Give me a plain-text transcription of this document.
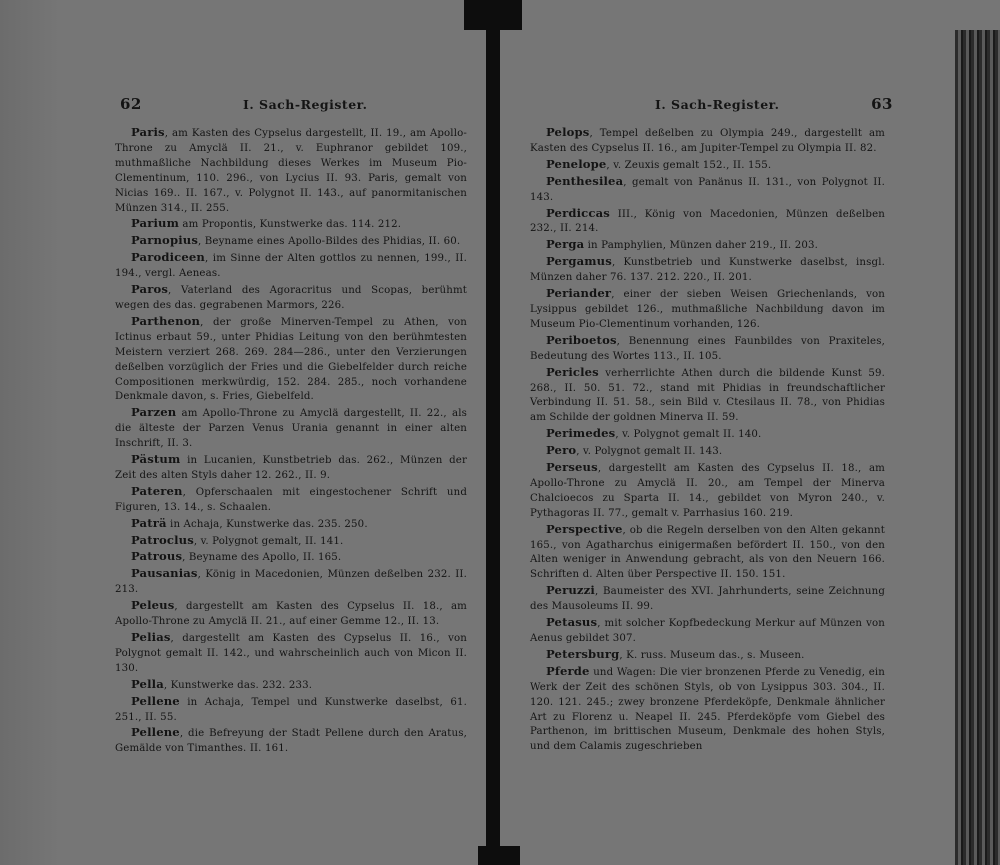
62	I. Sach-Register.
Paris, am Kasten des Cypselus dargestellt, II. 19., am Apollo-Throne zu Amyclä II. 21., v. Euphranor gebildet 109., muthmaßliche Nachbildung dieses Werkes im Museum Pio-Clementinum, 110. 296., von Lycius II. 93. Paris, gemalt von Nicias 169.. II. 167., v. Polygnot II. 143., auf panormitanischen Münzen 314., II. 255.
Parium am Propontis, Kunstwerke das. 114. 212.
Parnopius, Beyname eines Apollo-Bildes des Phidias, II. 60.
Parodiceen, im Sinne der Alten gottlos zu nennen, 199., II. 194., vergl. Aeneas.
Paros, Vaterland des Agoracritus und Scopas, berühmt wegen des das. gegrabenen Marmors, 226.
Parthenon, der große Minerven-Tempel zu Athen, von Ictinus erbaut 59., unter Phidias Leitung von den berühmtesten Meistern verziert 268. 269. 284—286., unter den Verzierungen deßelben vorzüglich der Fries und die Giebelfelder durch reiche Compositionen merkwürdig, 152. 284. 285., noch vorhandene Denkmale davon, s. Fries, Giebelfeld.
Parzen am Apollo-Throne zu Amyclä dargestellt, II. 22., als die älteste der Parzen Venus Urania genannt in einer alten Inschrift, II. 3.
Pästum in Lucanien, Kunstbetrieb das. 262., Münzen der Zeit des alten Styls daher 12. 262., II. 9.
Pateren, Opferschaalen mit eingestochener Schrift und Figuren, 13. 14., s. Schaalen.
Paträ in Achaja, Kunstwerke das. 235. 250.
Patroclus, v. Polygnot gemalt, II. 141.
Patrous, Beyname des Apollo, II. 165.
Pausanias, König in Macedonien, Münzen deßelben 232. II. 213.
Peleus, dargestellt am Kasten des Cypselus II. 18., am Apollo-Throne zu Amyclä II. 21., auf einer Gemme 12., II. 13.
Pelias, dargestellt am Kasten des Cypselus II. 16., von Polygnot gemalt II. 142., und wahrscheinlich auch von Micon II. 130.
Pella, Kunstwerke das. 232. 233.
Pellene in Achaja, Tempel und Kunstwerke daselbst, 61. 251., II. 55.
Pellene, die Befreyung der Stadt Pellene durch den Aratus, Gemälde von Timanthes. II. 161.
I. Sach-Register.	63
Pelops, Tempel deßelben zu Olympia 249., dargestellt am Kasten des Cypselus II. 16., am Jupiter-Tempel zu Olympia II. 82.
Penelope, v. Zeuxis gemalt 152., II. 155.
Penthesilea, gemalt von Panänus II. 131., von Polygnot II. 143.
Perdiccas III., König von Macedonien, Münzen deßelben 232., II. 214.
Perga in Pamphylien, Münzen daher 219., II. 203.
Pergamus, Kunstbetrieb und Kunstwerke daselbst, insgl. Münzen daher 76. 137. 212. 220., II. 201.
Periander, einer der sieben Weisen Griechenlands, von Lysippus gebildet 126., muthmaßliche Nachbildung davon im Museum Pio-Clementinum vorhanden, 126.
Periboetos, Benennung eines Faunbildes von Praxiteles, Bedeutung des Wortes 113., II. 105.
Pericles verherrlichte Athen durch die bildende Kunst 59. 268., II. 50. 51. 72., stand mit Phidias in freundschaftlicher Verbindung II. 51. 58., sein Bild v. Ctesilaus II. 78., von Phidias am Schilde der goldnen Minerva II. 59.
Perimedes, v. Polygnot gemalt II. 140.
Pero, v. Polygnot gemalt II. 143.
Perseus, dargestellt am Kasten des Cypselus II. 18., am Apollo-Throne zu Amyclä II. 20., am Tempel der Minerva Chalcioecos zu Sparta II. 14., gebildet von Myron 240., v. Pythagoras II. 77., gemalt v. Parrhasius 160. 219.
Perspective, ob die Regeln derselben von den Alten gekannt 165., von Agatharchus einigermaßen befördert II. 150., von den Alten weniger in Anwendung gebracht, als von den Neuern 166. Schriften d. Alten über Perspective II. 150. 151.
Peruzzi, Baumeister des XVI. Jahrhunderts, seine Zeichnung des Mausoleums II. 99.
Petasus, mit solcher Kopfbedeckung Merkur auf Münzen von Aenus gebildet 307.
Petersburg, K. russ. Museum das., s. Museen.
Pferde und Wagen: Die vier bronzenen Pferde zu Venedig, ein Werk der Zeit des schönen Styls, ob von Lysippus 303. 304., II. 120. 121. 245.; zwey bronzene Pferdeköpfe, Denkmale ähnlicher Art zu Florenz u. Neapel II. 245. Pferdeköpfe vom Giebel des Parthenon, im brittischen Museum, Denkmale des hohen Styls, und dem Calamis zugeschrieben
